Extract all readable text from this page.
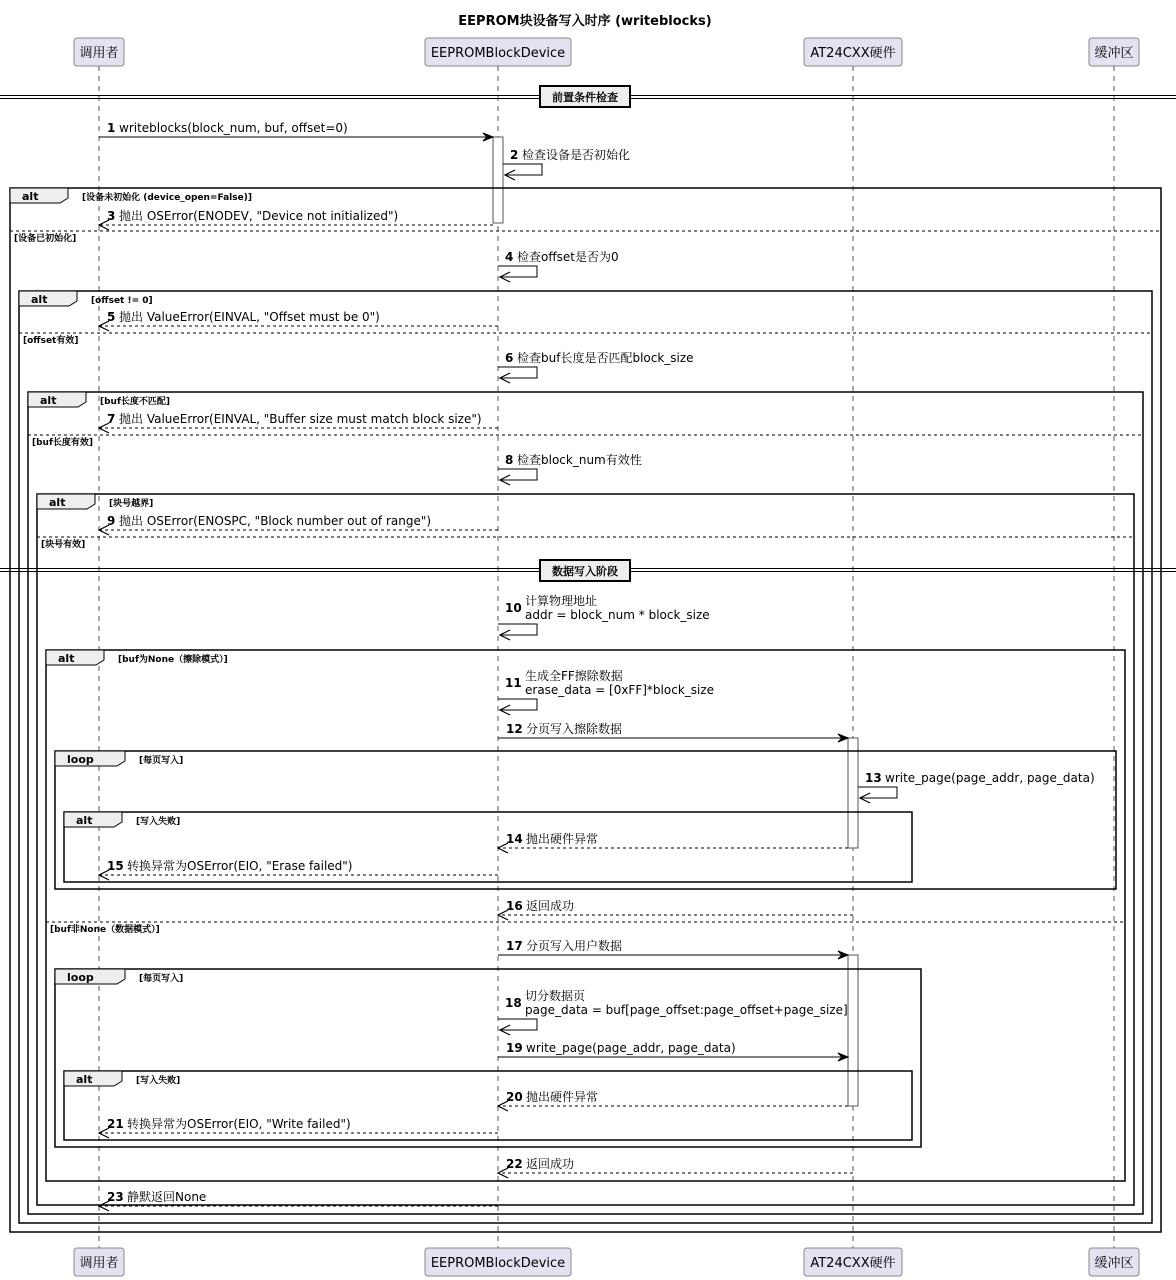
EEPROM块设备写入时序 (writeblocks)
alt	[设备未初始化 (device_open=False)]
[设备已初始化]
alt	[offset != 0]
[offset有效]
alt	[buf长度不匹配]
[buf长度有效]
alt	[块号越界]
[块号有效]
alt	[buf为None（擦除模式）]
[buf非None（数据模式）]
loop	[每页写入]
alt	[写入失败]
loop	[每页写入]
alt	[写入失败]
前置条件检查
数据写入阶段
1 writeblocks(block_num, buf, offset=0)
2 检查设备是否初始化
3 抛出 OSError(ENODEV, "Device not initialized")
4 检查offset是否为0
5 抛出 ValueError(EINVAL, "Offset must be 0")
6 检查buf长度是否匹配block_size
7 抛出 ValueError(EINVAL, "Buffer size must match block size")
8 检查block_num有效性
9 抛出 OSError(ENOSPC, "Block number out of range")
10 计算物理地址
addr = block_num * block_size
11 生成全FF擦除数据
erase_data = [0xFF]*block_size
12 分页写入擦除数据
13 write_page(page_addr, page_data)
14 抛出硬件异常
15 转换异常为OSError(EIO, "Erase failed")
16 返回成功
17 分页写入用户数据
18 切分数据页
page_data = buf[page_offset:page_offset+page_size]
19 write_page(page_addr, page_data)
20 抛出硬件异常
21 转换异常为OSError(EIO, "Write failed")
22 返回成功
23 静默返回None
调用者	EEPROMBlockDevice	AT24CXX硬件	缓冲区
调用者	EEPROMBlockDevice	AT24CXX硬件	缓冲区
